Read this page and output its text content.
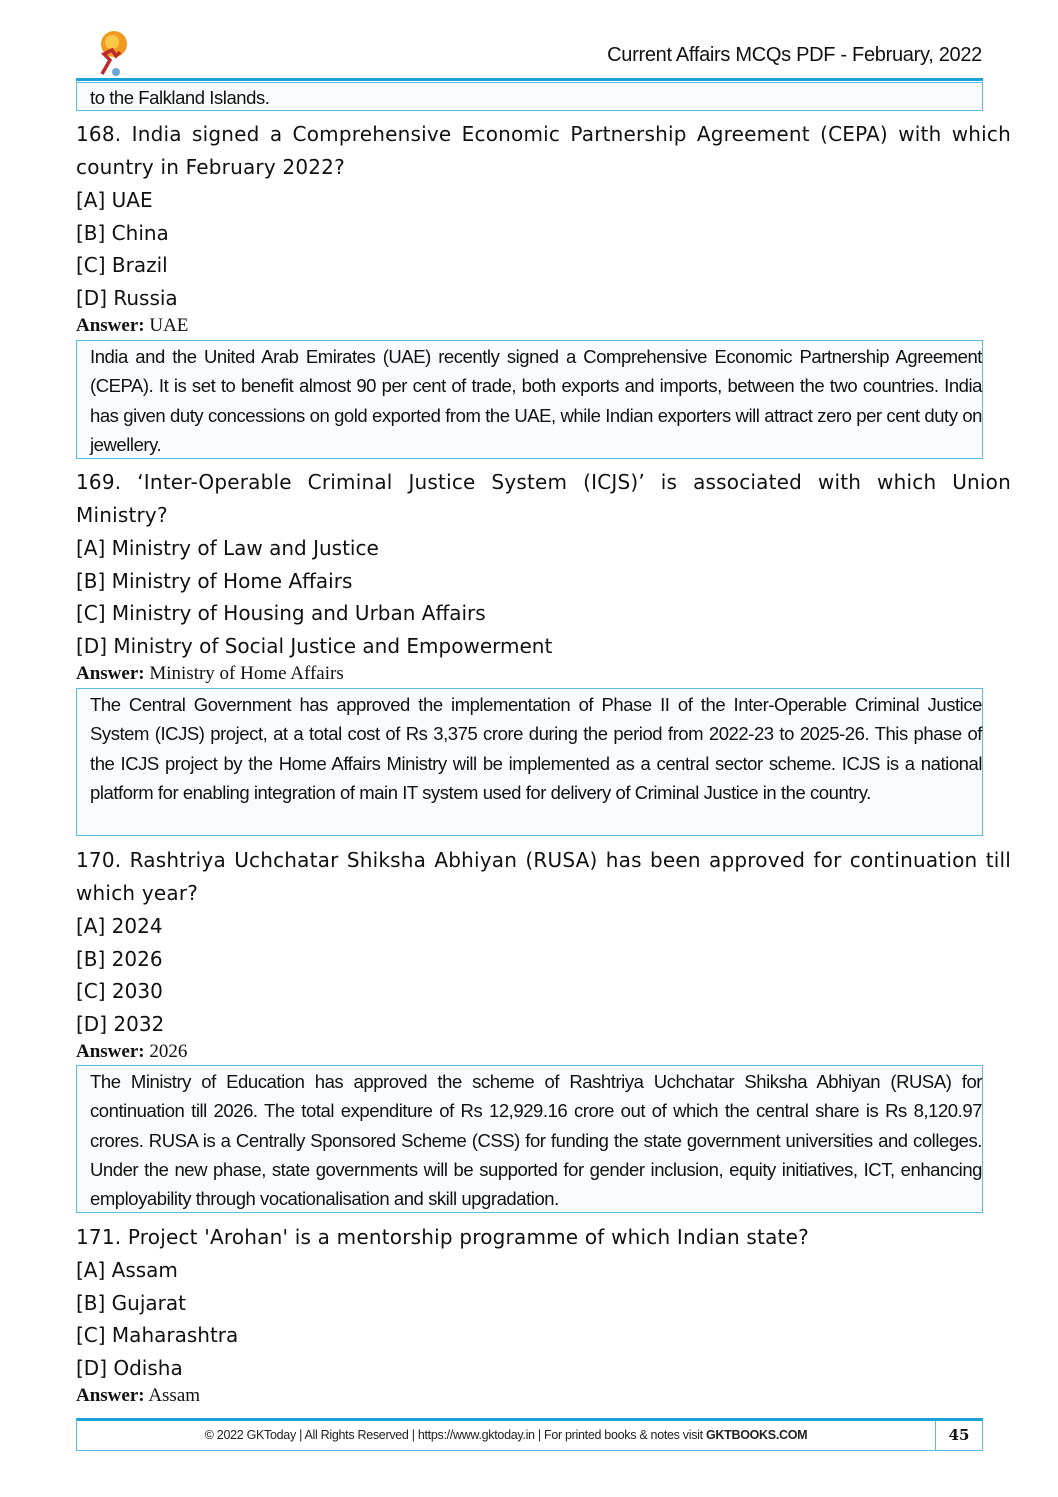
Current Affairs MCQs PDF - February, 2022

to the Falkland Islands.

168. India signed a Comprehensive Economic Partnership Agreement (CEPA) with which country in February 2022?
[A] UAE
[B] China
[C] Brazil
[D] Russia
Answer: UAE

India and the United Arab Emirates (UAE) recently signed a Comprehensive Economic Partnership Agreement (CEPA). It is set to benefit almost 90 per cent of trade, both exports and imports, between the two countries. India has given duty concessions on gold exported from the UAE, while Indian exporters will attract zero per cent duty on jewellery.

169. ‘Inter-Operable Criminal Justice System (ICJS)’ is associated with which Union Ministry?
[A] Ministry of Law and Justice
[B] Ministry of Home Affairs
[C] Ministry of Housing and Urban Affairs
[D] Ministry of Social Justice and Empowerment
Answer: Ministry of Home Affairs

The Central Government has approved the implementation of Phase II of the Inter-Operable Criminal Justice System (ICJS) project, at a total cost of Rs 3,375 crore during the period from 2022-23 to 2025-26. This phase of the ICJS project by the Home Affairs Ministry will be implemented as a central sector scheme. ICJS is a national platform for enabling integration of main IT system used for delivery of Criminal Justice in the country.

170. Rashtriya Uchchatar Shiksha Abhiyan (RUSA) has been approved for continuation till which year?
[A] 2024
[B] 2026
[C] 2030
[D] 2032
Answer: 2026

The Ministry of Education has approved the scheme of Rashtriya Uchchatar Shiksha Abhiyan (RUSA) for continuation till 2026. The total expenditure of Rs 12,929.16 crore out of which the central share is Rs 8,120.97 crores. RUSA is a Centrally Sponsored Scheme (CSS) for funding the state government universities and colleges. Under the new phase, state governments will be supported for gender inclusion, equity initiatives, ICT, enhancing employability through vocationalisation and skill upgradation.

171. Project 'Arohan' is a mentorship programme of which Indian state?
[A] Assam
[B] Gujarat
[C] Maharashtra
[D] Odisha
Answer: Assam
© 2022 GKToday | All Rights Reserved | https://www.gktoday.in | For printed books & notes visit GKTBOOKS.COM	45
